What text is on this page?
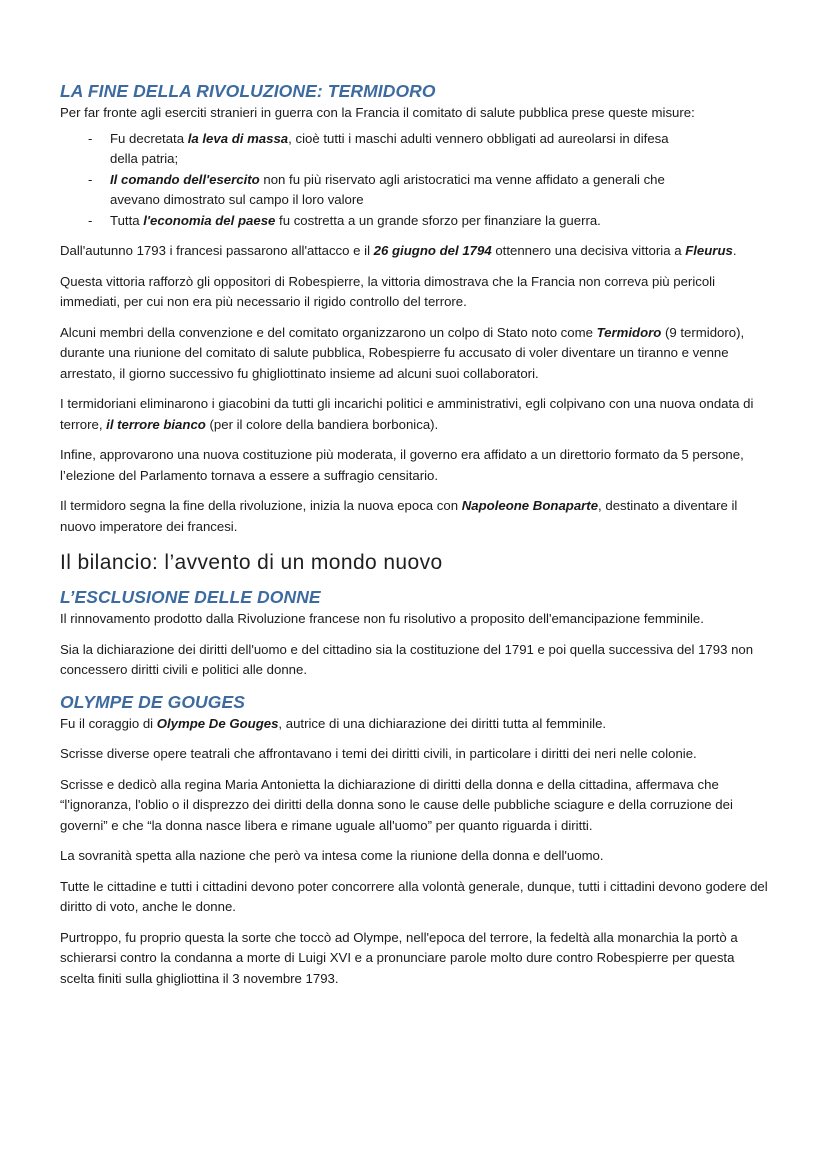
LA FINE DELLA RIVOLUZIONE: TERMIDORO

Per far fronte agli eserciti stranieri in guerra con la Francia il comitato di salute pubblica prese queste misure:

- Fu decretata la leva di massa, cioè tutti i maschi adulti vennero obbligati ad aureolarsi in difesa della patria;
- Il comando dell'esercito non fu più riservato agli aristocratici ma venne affidato a generali che avevano dimostrato sul campo il loro valore
- Tutta l'economia del paese fu costretta a un grande sforzo per finanziare la guerra.

Dall'autunno 1793 i francesi passarono all'attacco e il 26 giugno del 1794 ottennero una decisiva vittoria a Fleurus.

Questa vittoria rafforzò gli oppositori di Robespierre, la vittoria dimostrava che la Francia non correva più pericoli immediati, per cui non era più necessario il rigido controllo del terrore.

Alcuni membri della convenzione e del comitato organizzarono un colpo di Stato noto come Termidoro (9 termidoro), durante una riunione del comitato di salute pubblica, Robespierre fu accusato di voler diventare un tiranno e venne arrestato, il giorno successivo fu ghigliottinato insieme ad alcuni suoi collaboratori.

I termidoriani eliminarono i giacobini da tutti gli incarichi politici e amministrativi, egli colpivano con una nuova ondata di terrore, il terrore bianco (per il colore della bandiera borbonica).

Infine, approvarono una nuova costituzione più moderata, il governo era affidato a un direttorio formato da 5 persone, l’elezione del Parlamento tornava a essere a suffragio censitario.

Il termidoro segna la fine della rivoluzione, inizia la nuova epoca con Napoleone Bonaparte, destinato a diventare il nuovo imperatore dei francesi.

Il bilancio: l’avvento di un mondo nuovo
L’ESCLUSIONE DELLE DONNE

Il rinnovamento prodotto dalla Rivoluzione francese non fu risolutivo a proposito dell'emancipazione femminile.

Sia la dichiarazione dei diritti dell'uomo e del cittadino sia la costituzione del 1791 e poi quella successiva del 1793 non concessero diritti civili e politici alle donne.

OLYMPE DE GOUGES

Fu il coraggio di Olympe De Gouges, autrice di una dichiarazione dei diritti tutta al femminile.

Scrisse diverse opere teatrali che affrontavano i temi dei diritti civili, in particolare i diritti dei neri nelle colonie.

Scrisse e dedicò alla regina Maria Antonietta la dichiarazione di diritti della donna e della cittadina, affermava che “l'ignoranza, l'oblio o il disprezzo dei diritti della donna sono le cause delle pubbliche sciagure e della corruzione dei governi” e che “la donna nasce libera e rimane uguale all'uomo” per quanto riguarda i diritti.

La sovranità spetta alla nazione che però va intesa come la riunione della donna e dell'uomo.

Tutte le cittadine e tutti i cittadini devono poter concorrere alla volontà generale, dunque, tutti i cittadini devono godere del diritto di voto, anche le donne.

Purtroppo, fu proprio questa la sorte che toccò ad Olympe, nell'epoca del terrore, la fedeltà alla monarchia la portò a schierarsi contro la condanna a morte di Luigi XVI e a pronunciare parole molto dure contro Robespierre per questa scelta finiti sulla ghigliottina il 3 novembre 1793.
